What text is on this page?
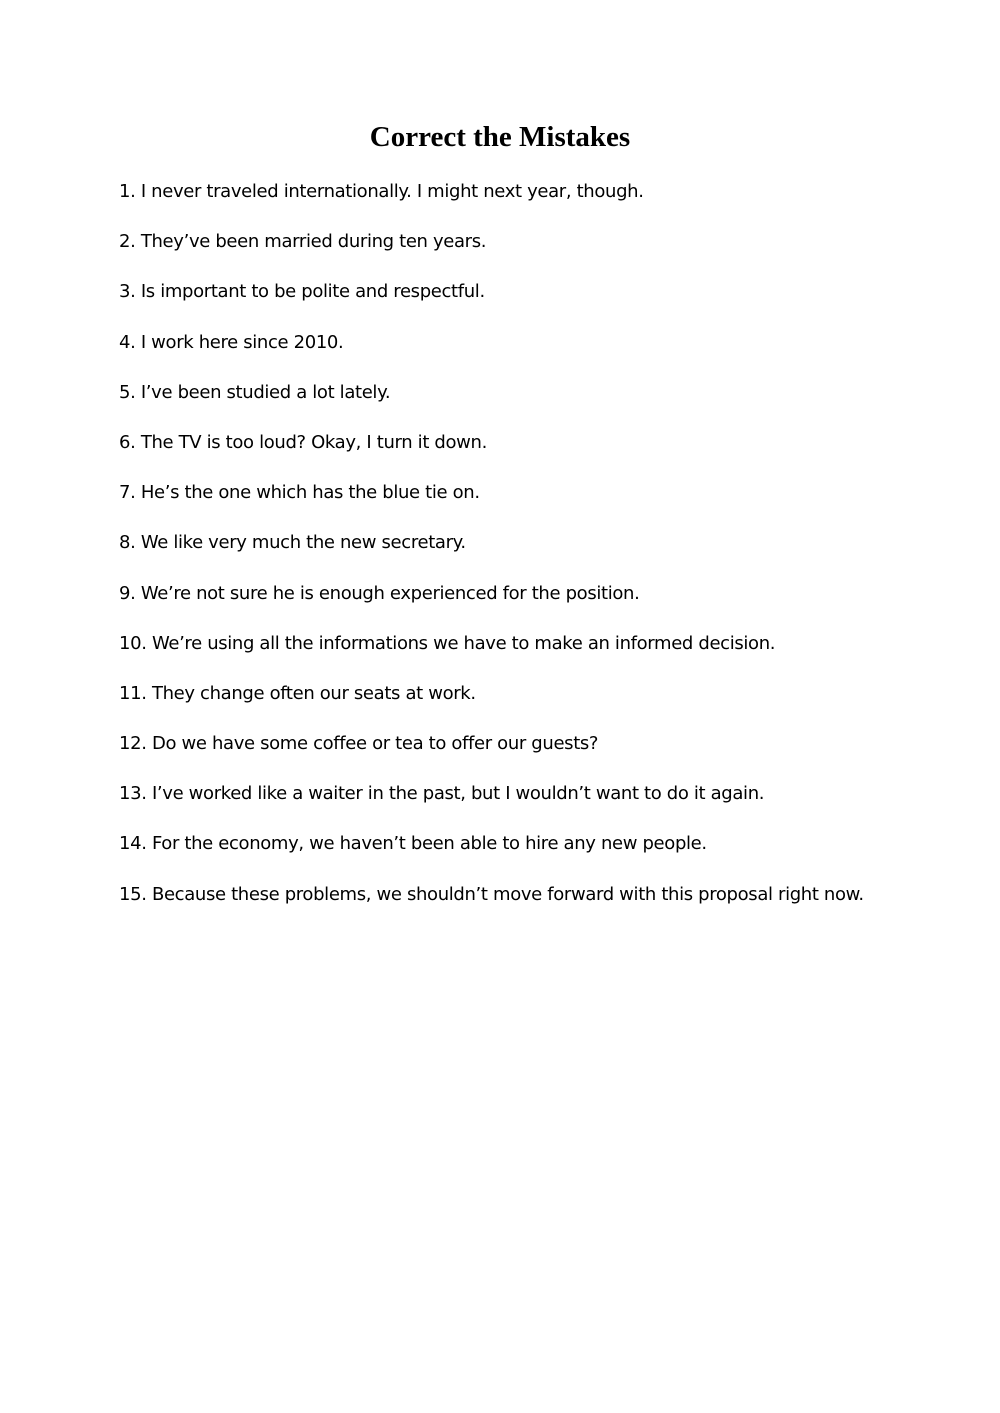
Correct the Mistakes
1. I never traveled internationally. I might next year, though.
2. They’ve been married during ten years.
3. Is important to be polite and respectful.
4. I work here since 2010.
5. I’ve been studied a lot lately.
6. The TV is too loud? Okay, I turn it down.
7. He’s the one which has the blue tie on.
8. We like very much the new secretary.
9. We’re not sure he is enough experienced for the position.
10. We’re using all the informations we have to make an informed decision.
11. They change often our seats at work.
12. Do we have some coffee or tea to offer our guests?
13. I’ve worked like a waiter in the past, but I wouldn’t want to do it again.
14. For the economy, we haven’t been able to hire any new people.
15. Because these problems, we shouldn’t move forward with this proposal right now.
